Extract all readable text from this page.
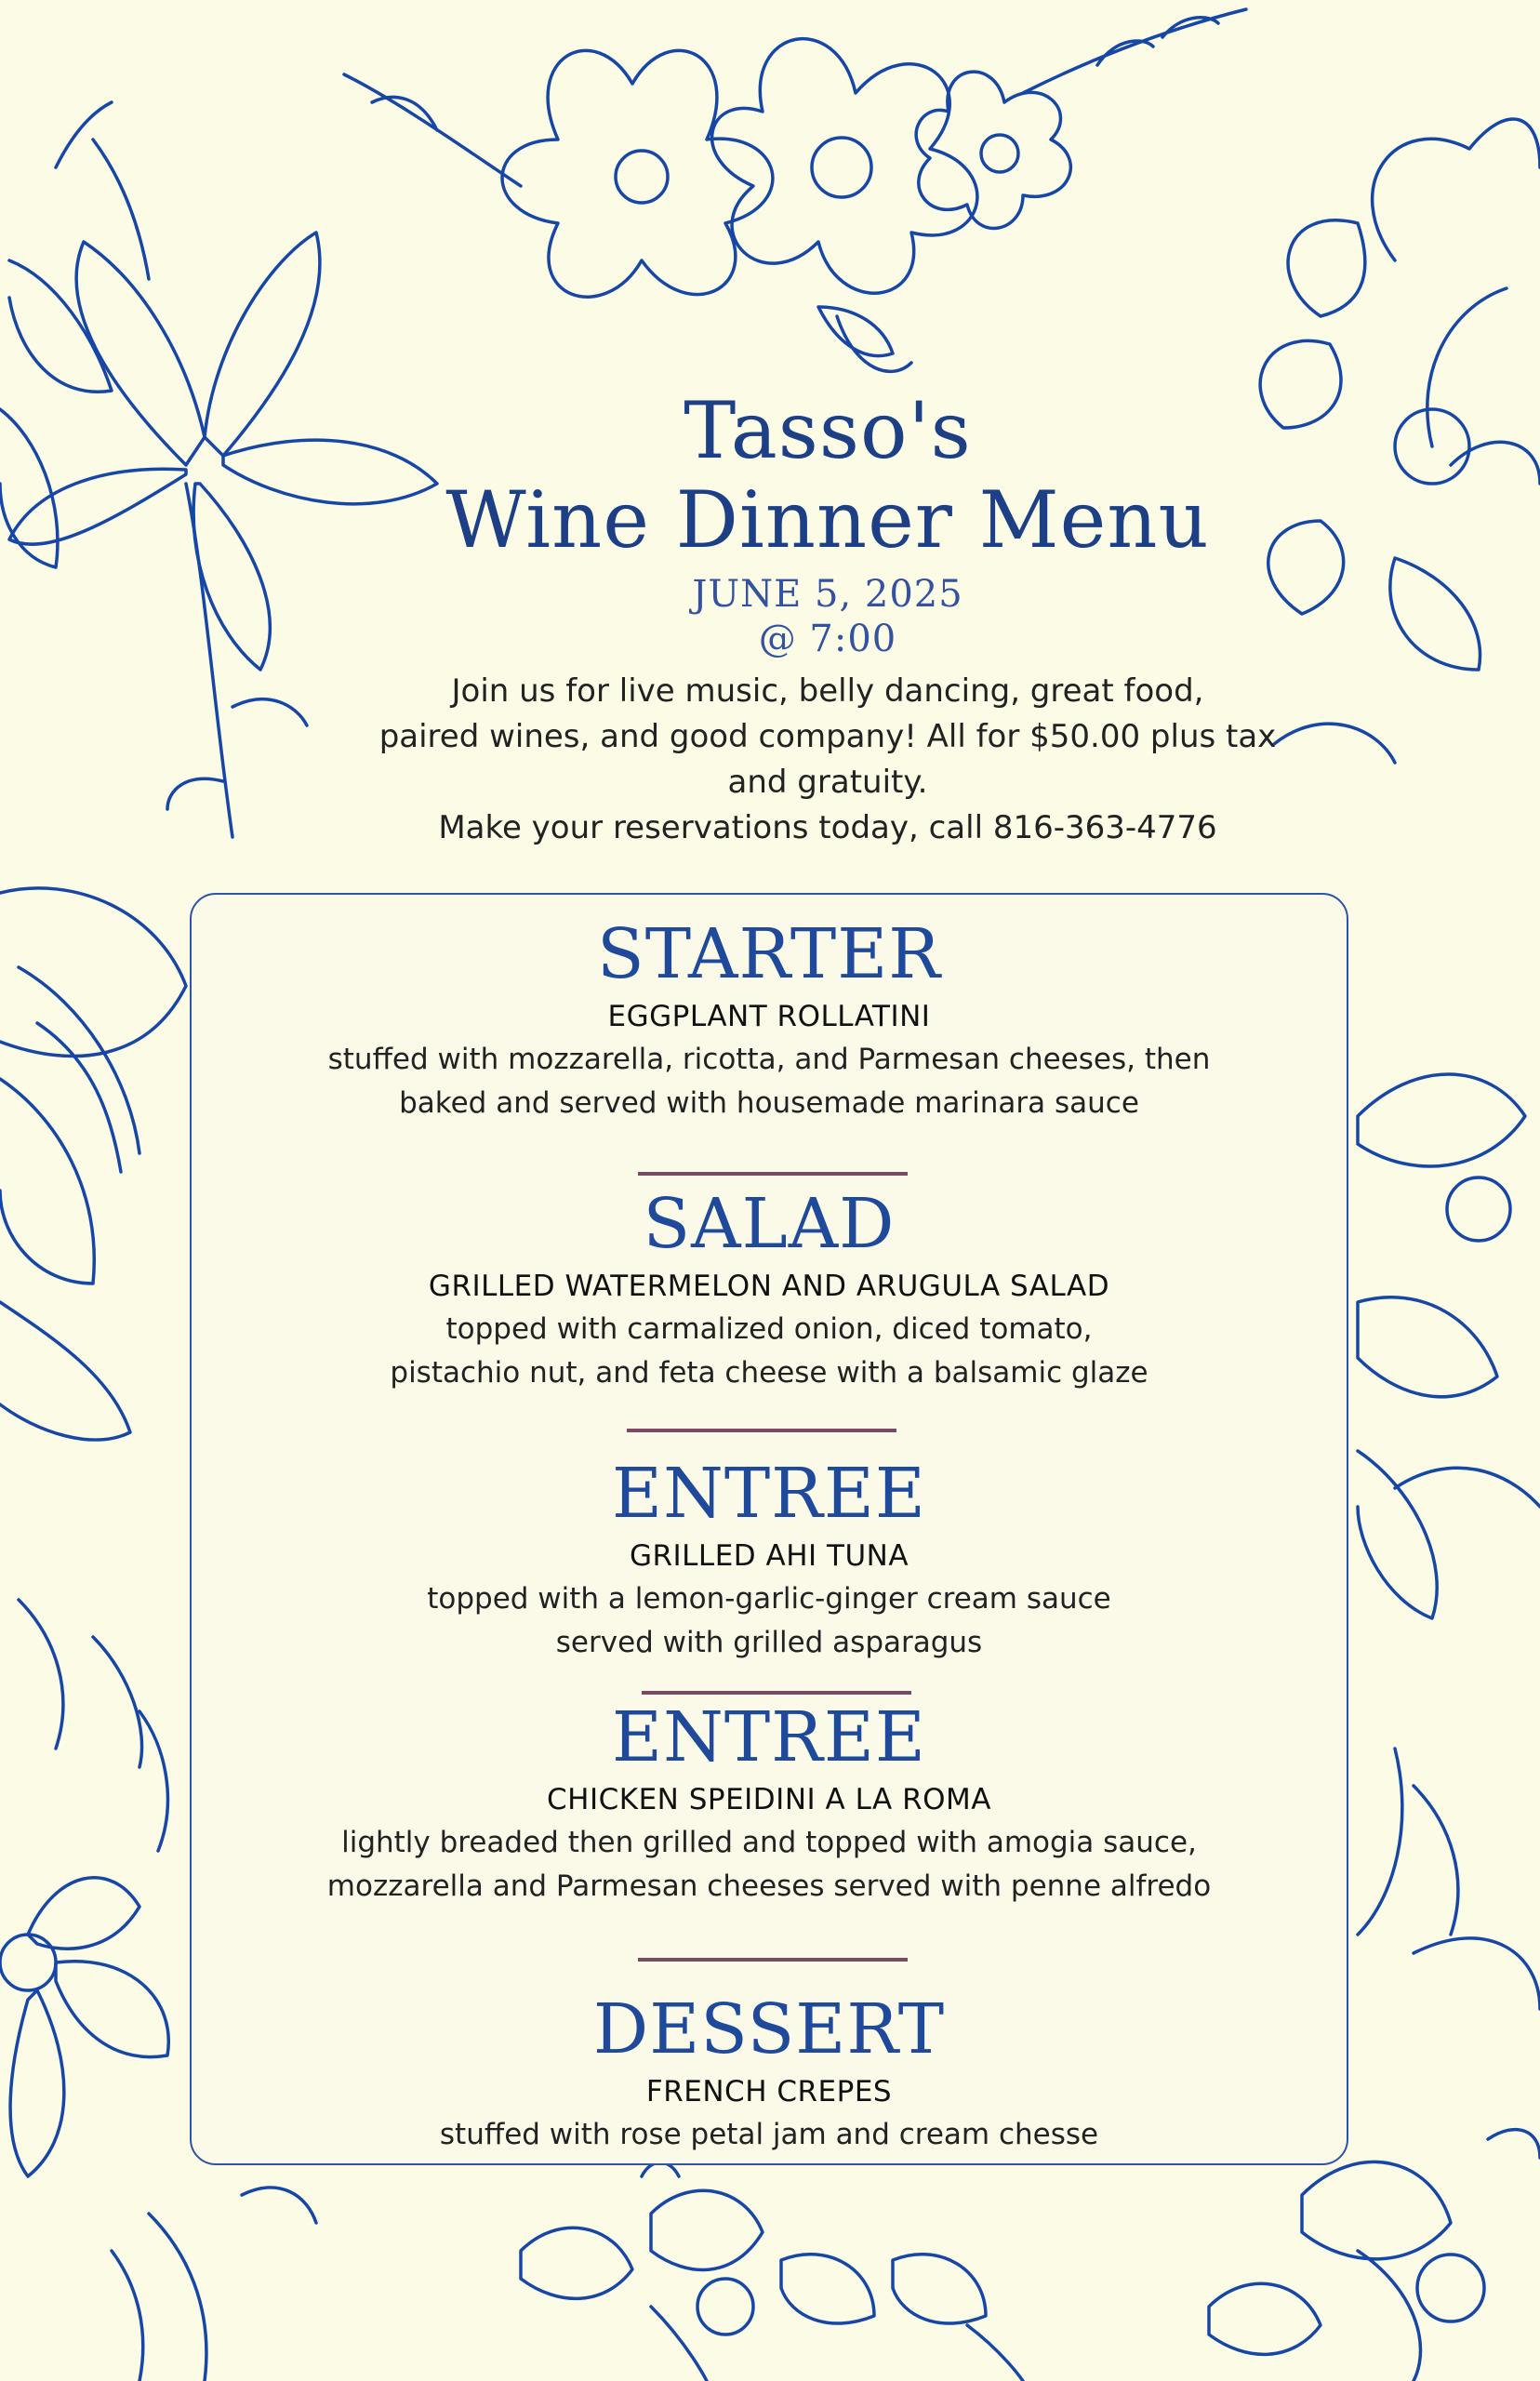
Tasso's
Wine Dinner Menu
JUNE 5, 2025
@ 7:00
Join us for live music, belly dancing, great food,
paired wines, and good company! All for $50.00 plus tax
and gratuity.
Make your reservations today, call 816-363-4776
STARTER
EGGPLANT ROLLATINI
stuffed with mozzarella, ricotta, and Parmesan cheeses, then
baked and served with housemade marinara sauce
SALAD
GRILLED WATERMELON AND ARUGULA SALAD
topped with carmalized onion, diced tomato,
pistachio nut, and feta cheese with a balsamic glaze
ENTREE
GRILLED AHI TUNA
topped with a lemon-garlic-ginger cream sauce
served with grilled asparagus
ENTREE
CHICKEN SPEIDINI A LA ROMA
lightly breaded then grilled and topped with amogia sauce,
mozzarella and Parmesan cheeses served with penne alfredo
DESSERT
FRENCH CREPES
stuffed with rose petal jam and cream chesse
